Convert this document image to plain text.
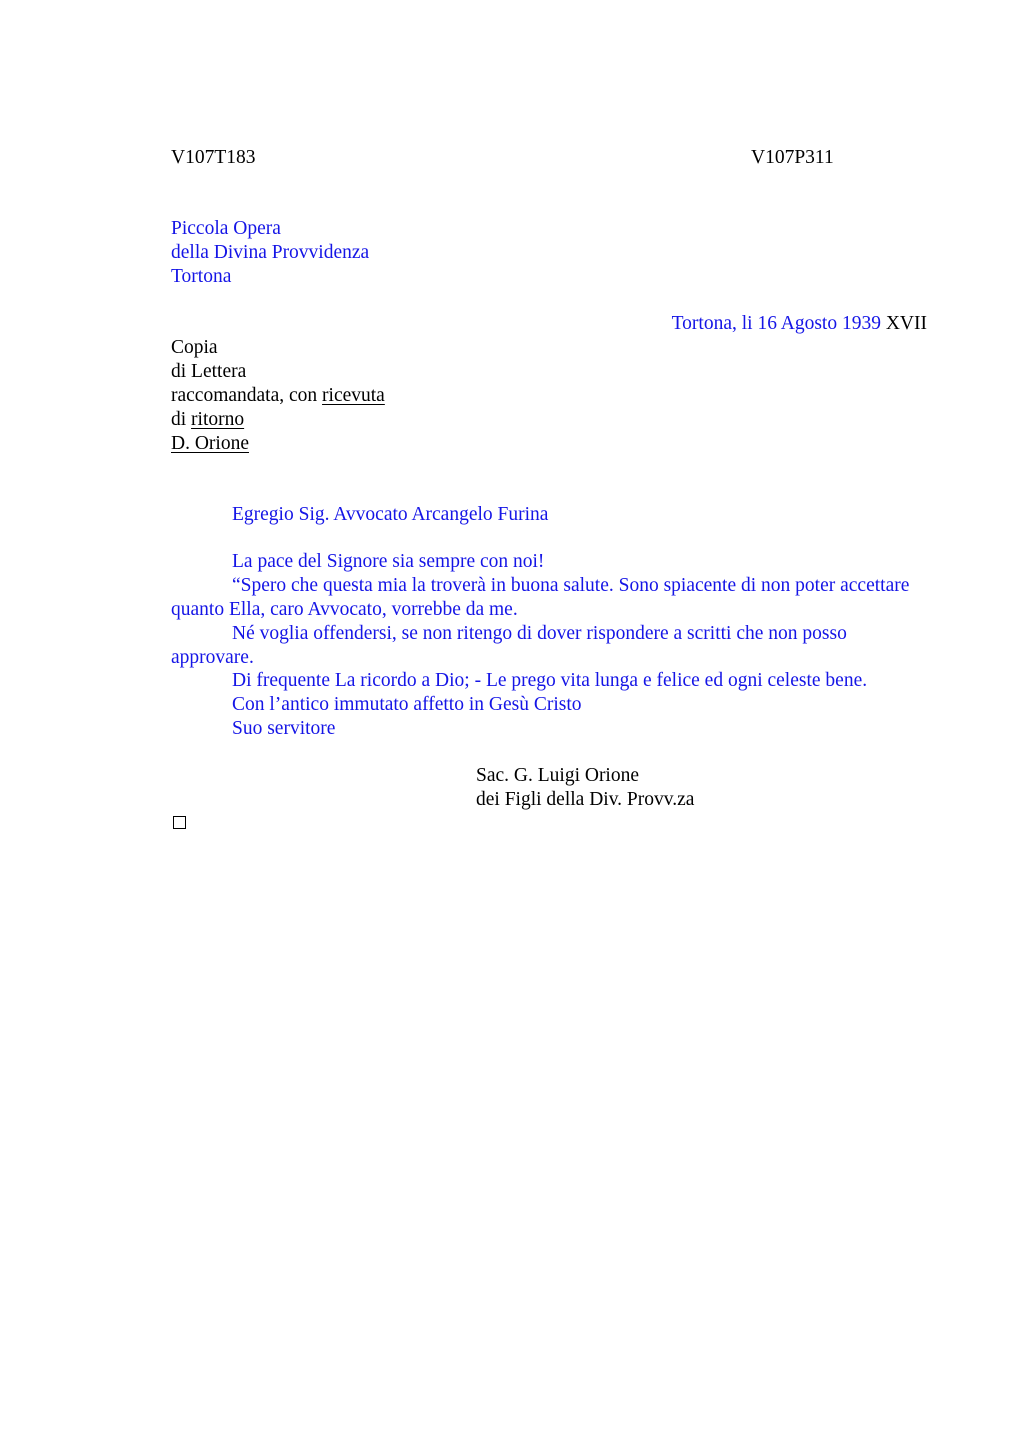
V107T183	V107P311
Piccola Opera
della Divina Provvidenza
Tortona
Tortona, li 16 Agosto 1939 XVII
Copia
di Lettera
raccomandata, con ricevuta
di ritorno
D. Orione
Egregio Sig. Avvocato Arcangelo Furina
La pace del Signore sia sempre con noi!
“Spero che questa mia la troverà in buona salute. Sono spiacente di non poter accettare quanto Ella, caro Avvocato, vorrebbe da me.
Né voglia offendersi, se non ritengo di dover rispondere a scritti che non posso approvare.
Di frequente La ricordo a Dio; - Le prego vita lunga e felice ed ogni celeste bene.
Con l’antico immutato affetto in Gesù Cristo
Suo servitore
Sac. G. Luigi Orione
dei Figli della Div. Provv.za
